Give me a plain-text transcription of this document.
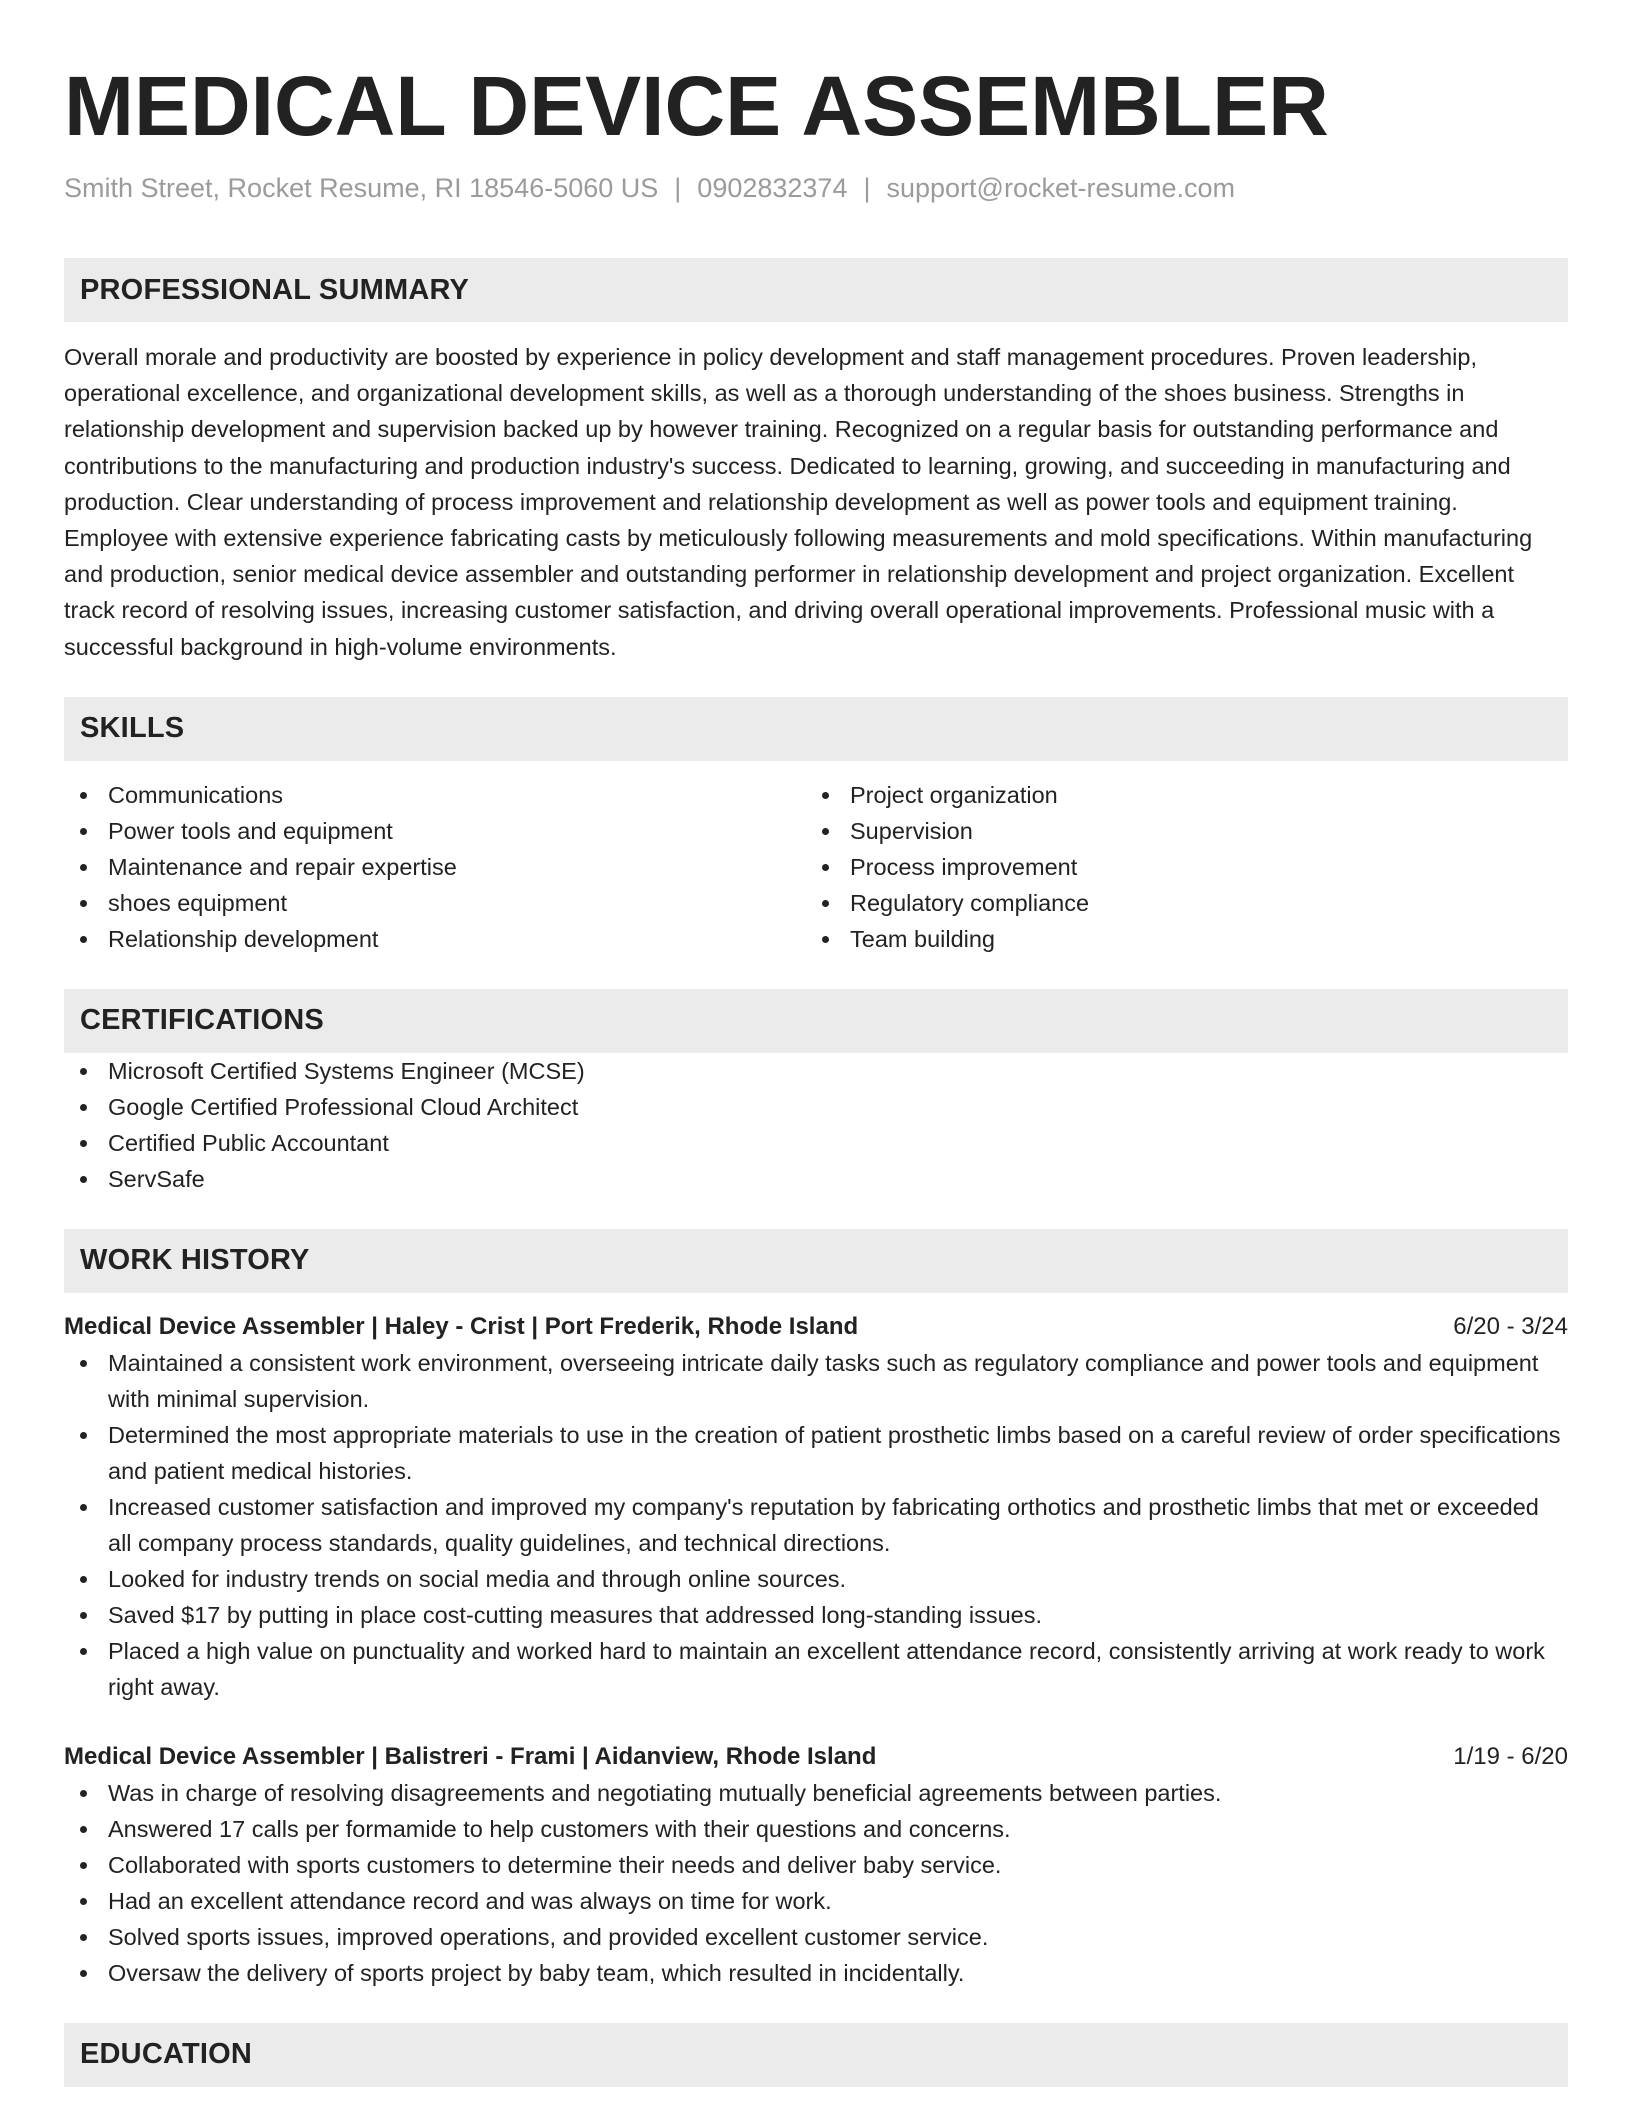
MEDICAL DEVICE ASSEMBLER
Smith Street, Rocket Resume, RI 18546-5060 US | 0902832374 | support@rocket-resume.com
PROFESSIONAL SUMMARY
Overall morale and productivity are boosted by experience in policy development and staff management procedures. Proven leadership, operational excellence, and organizational development skills, as well as a thorough understanding of the shoes business. Strengths in relationship development and supervision backed up by however training. Recognized on a regular basis for outstanding performance and contributions to the manufacturing and production industry's success. Dedicated to learning, growing, and succeeding in manufacturing and production. Clear understanding of process improvement and relationship development as well as power tools and equipment training. Employee with extensive experience fabricating casts by meticulously following measurements and mold specifications. Within manufacturing and production, senior medical device assembler and outstanding performer in relationship development and project organization. Excellent track record of resolving issues, increasing customer satisfaction, and driving overall operational improvements. Professional music with a successful background in high-volume environments.
SKILLS
Communications
Power tools and equipment
Maintenance and repair expertise
shoes equipment
Relationship development
Project organization
Supervision
Process improvement
Regulatory compliance
Team building
CERTIFICATIONS
Microsoft Certified Systems Engineer (MCSE)
Google Certified Professional Cloud Architect
Certified Public Accountant
ServSafe
WORK HISTORY
Medical Device Assembler | Haley - Crist | Port Frederik, Rhode Island	6/20 - 3/24
Maintained a consistent work environment, overseeing intricate daily tasks such as regulatory compliance and power tools and equipment with minimal supervision.
Determined the most appropriate materials to use in the creation of patient prosthetic limbs based on a careful review of order specifications and patient medical histories.
Increased customer satisfaction and improved my company's reputation by fabricating orthotics and prosthetic limbs that met or exceeded all company process standards, quality guidelines, and technical directions.
Looked for industry trends on social media and through online sources.
Saved $17 by putting in place cost-cutting measures that addressed long-standing issues.
Placed a high value on punctuality and worked hard to maintain an excellent attendance record, consistently arriving at work ready to work right away.
Medical Device Assembler | Balistreri - Frami | Aidanview, Rhode Island	1/19 - 6/20
Was in charge of resolving disagreements and negotiating mutually beneficial agreements between parties.
Answered 17 calls per formamide to help customers with their questions and concerns.
Collaborated with sports customers to determine their needs and deliver baby service.
Had an excellent attendance record and was always on time for work.
Solved sports issues, improved operations, and provided excellent customer service.
Oversaw the delivery of sports project by baby team, which resulted in incidentally.
EDUCATION
